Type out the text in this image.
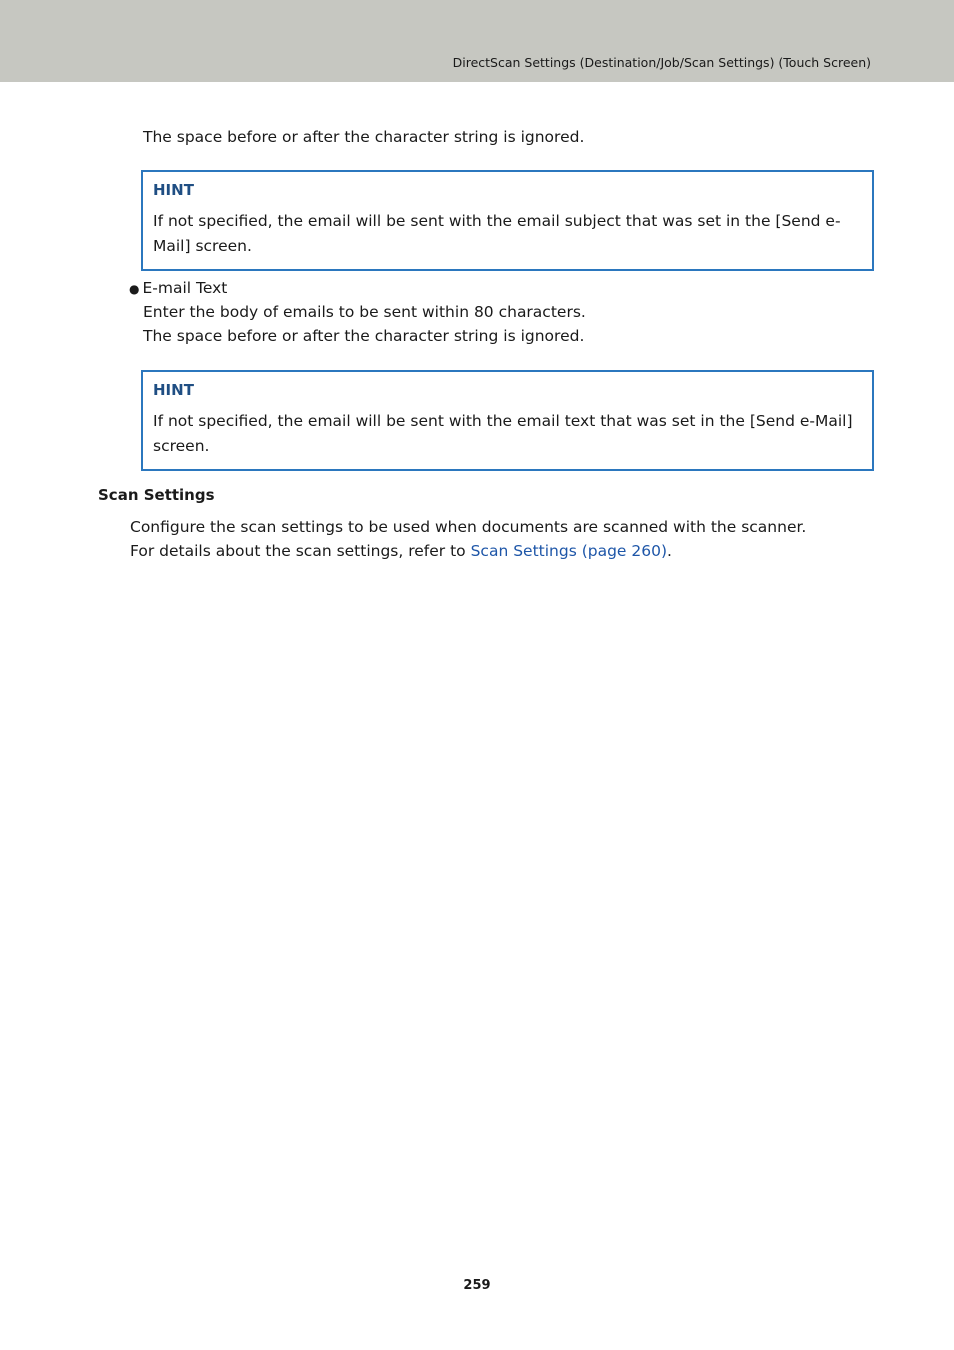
DirectScan Settings (Destination/Job/Scan Settings) (Touch Screen)
The space before or after the character string is ignored.
HINT
If not specified, the email will be sent with the email subject that was set in the [Send e-Mail] screen.
● E-mail Text
Enter the body of emails to be sent within 80 characters.
The space before or after the character string is ignored.
HINT
If not specified, the email will be sent with the email text that was set in the [Send e-Mail] screen.
Scan Settings
Configure the scan settings to be used when documents are scanned with the scanner.
For details about the scan settings, refer to Scan Settings (page 260).
259
